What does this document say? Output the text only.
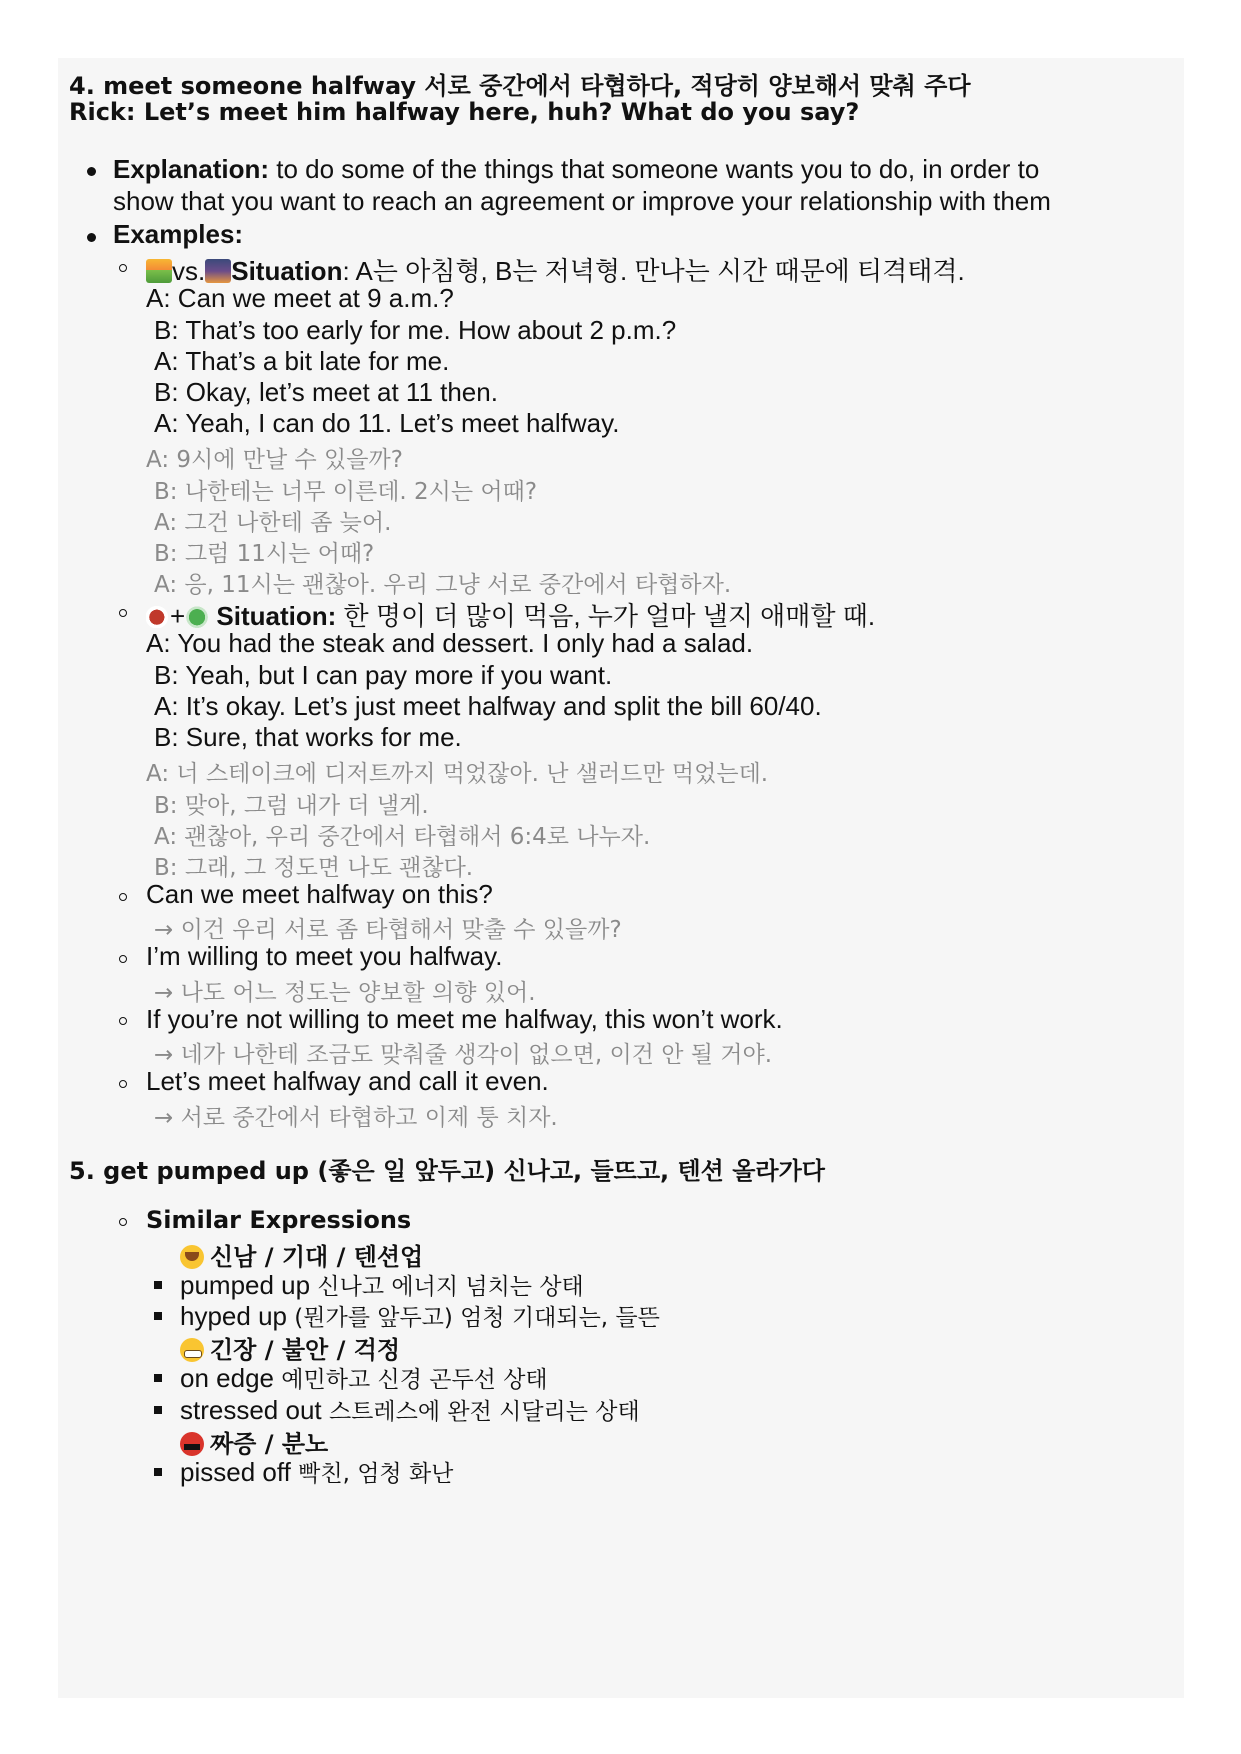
4. meet someone halfway 서로 중간에서 타협하다, 적당히 양보해서 맞춰 주다
Rick: Let’s meet him halfway here, huh? What do you say?
Explanation: to do some of the things that someone wants you to do, in order to
show that you want to reach an agreement or improve your relationship with them
Examples:
vs. Situation: A는 아침형, B는 저녁형. 만나는 시간 때문에 티격태격.
A: Can we meet at 9 a.m.?
B: That’s too early for me. How about 2 p.m.?
A: That’s a bit late for me.
B: Okay, let’s meet at 11 then.
A: Yeah, I can do 11. Let’s meet halfway.
A: 9시에 만날 수 있을까?
B: 나한테는 너무 이른데. 2시는 어때?
A: 그건 나한테 좀 늦어.
B: 그럼 11시는 어때?
A: 응, 11시는 괜찮아. 우리 그냥 서로 중간에서 타협하자.
+ Situation: 한 명이 더 많이 먹음, 누가 얼마 낼지 애매할 때.
A: You had the steak and dessert. I only had a salad.
B: Yeah, but I can pay more if you want.
A: It’s okay. Let’s just meet halfway and split the bill 60/40.
B: Sure, that works for me.
A: 너 스테이크에 디저트까지 먹었잖아. 난 샐러드만 먹었는데.
B: 맞아, 그럼 내가 더 낼게.
A: 괜찮아, 우리 중간에서 타협해서 6:4로 나누자.
B: 그래, 그 정도면 나도 괜찮다.
Can we meet halfway on this?
→ 이건 우리 서로 좀 타협해서 맞출 수 있을까?
I’m willing to meet you halfway.
→ 나도 어느 정도는 양보할 의향 있어.
If you’re not willing to meet me halfway, this won’t work.
→ 네가 나한테 조금도 맞춰줄 생각이 없으면, 이건 안 될 거야.
Let’s meet halfway and call it even.
→ 서로 중간에서 타협하고 이제 퉁 치자.
5. get pumped up (좋은 일 앞두고) 신나고, 들뜨고, 텐션 올라가다
Similar Expressions
신남 / 기대 / 텐션업
pumped up 신나고 에너지 넘치는 상태
hyped up (뭔가를 앞두고) 엄청 기대되는, 들뜬
긴장 / 불안 / 걱정
on edge 예민하고 신경 곤두선 상태
stressed out 스트레스에 완전 시달리는 상태
짜증 / 분노
pissed off 빡친, 엄청 화난
